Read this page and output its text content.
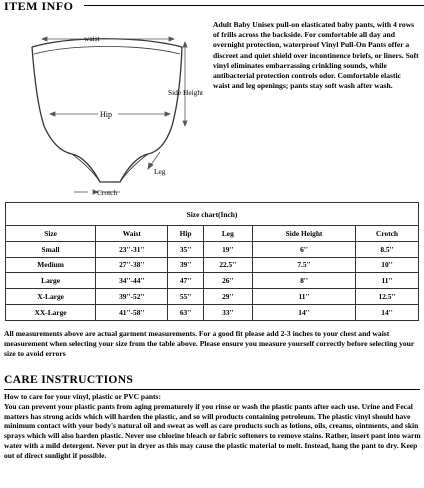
ITEM INFO
waist
Side Height
Hip
Leg
Crotch
Adult Baby Unisex pull-on elasticated baby pants, with 4 rows of frills across the backside. For comfortable all day and overnight protection, waterproof Vinyl Pull-On Pants offer a discreet and quiet shield over incontinence briefs, or liners. Soft vinyl eliminates embarrassing crinkling sounds, while antibacterial protection controls odor. Comfortable elastic waist and leg openings; pants stay soft wash after wash.
Size chart(Inch)					
Size	Waist	Hip	Leg	Side Height	Crotch
Small	23''-31''	35''	19''	6''	8.5''
Medium	27''-38''	39''	22.5''	7.5''	10''
Large	34''-44''	47''	26''	8''	11''
X-Large	39''-52''	55''	29''	11''	12.5''
XX-Large	41''-58''	63''	33''	14''	14''
All measurements above are actual garment measurements. For a good fit please add 2-3 inches to your chest and waist measurement when selecting your size from the table above. Please ensure you measure yourself correctly before selecting your size to avoid errors
CARE INSTRUCTIONS
How to care for your vinyl, plastic or PVC pants:
You can prevent your plastic pants from aging prematurely if you rinse or wash the plastic pants after each use. Urine and Fecal matters has strong acids which will harden the plastic, and so will products containing petroleum. The plastic vinyl should have minimum contact with your body's natural oil and sweat as well as care products such as lotions, oils, creams, ointments, and skin sprays which will also harden plastic. Never use chlorine bleach or fabric softeners to remove stains. Rather, insert pant into warm water with a mild detergent. Never put in dryer as this may cause the plastic material to melt. Instead, hang the pant to dry. Keep out of direct sunlight if possible.
